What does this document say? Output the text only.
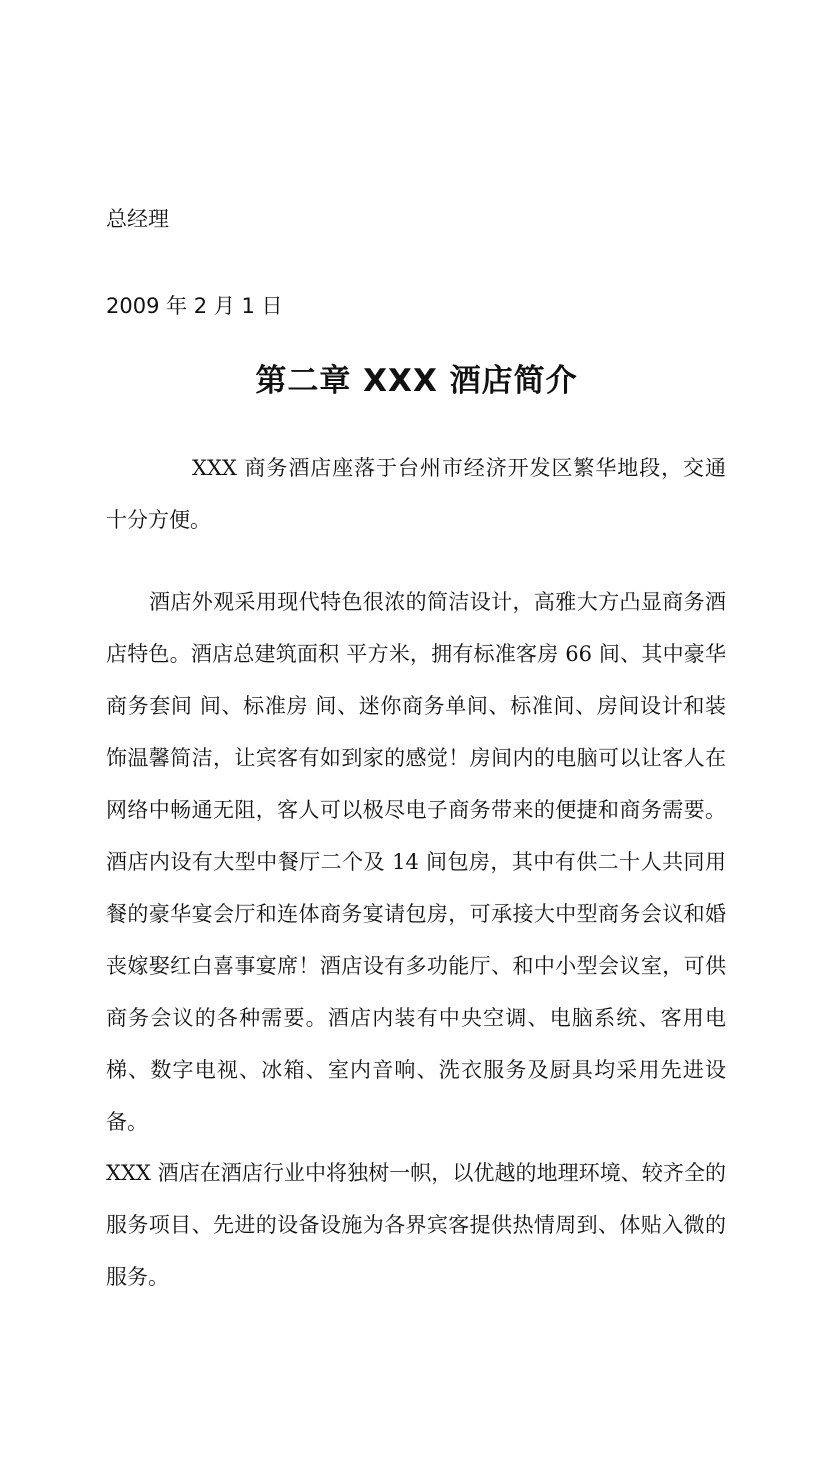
总经理
2009 年 2 月 1 日
第二章 XXX 酒店简介

XXX 商务酒店座落于台州市经济开发区繁华地段，交通十分方便。

酒店外观采用现代特色很浓的简洁设计，高雅大方凸显商务酒店特色。酒店总建筑面积 平方米，拥有标准客房 66 间、其中豪华商务套间 间、标准房 间、迷你商务单间、标准间、房间设计和装饰温馨简洁，让宾客有如到家的感觉！房间内的电脑可以让客人在网络中畅通无阻，客人可以极尽电子商务带来的便捷和商务需要。酒店内设有大型中餐厅二个及 14 间包房，其中有供二十人共同用餐的豪华宴会厅和连体商务宴请包房，可承接大中型商务会议和婚丧嫁娶红白喜事宴席！酒店设有多功能厅、和中小型会议室，可供商务会议的各种需要。酒店内装有中央空调、电脑系统、客用电梯、数字电视、冰箱、室内音响、洗衣服务及厨具均采用先进设备。

XXX 酒店在酒店行业中将独树一帜，以优越的地理环境、较齐全的服务项目、先进的设备设施为各界宾客提供热情周到、体贴入微的服务。
